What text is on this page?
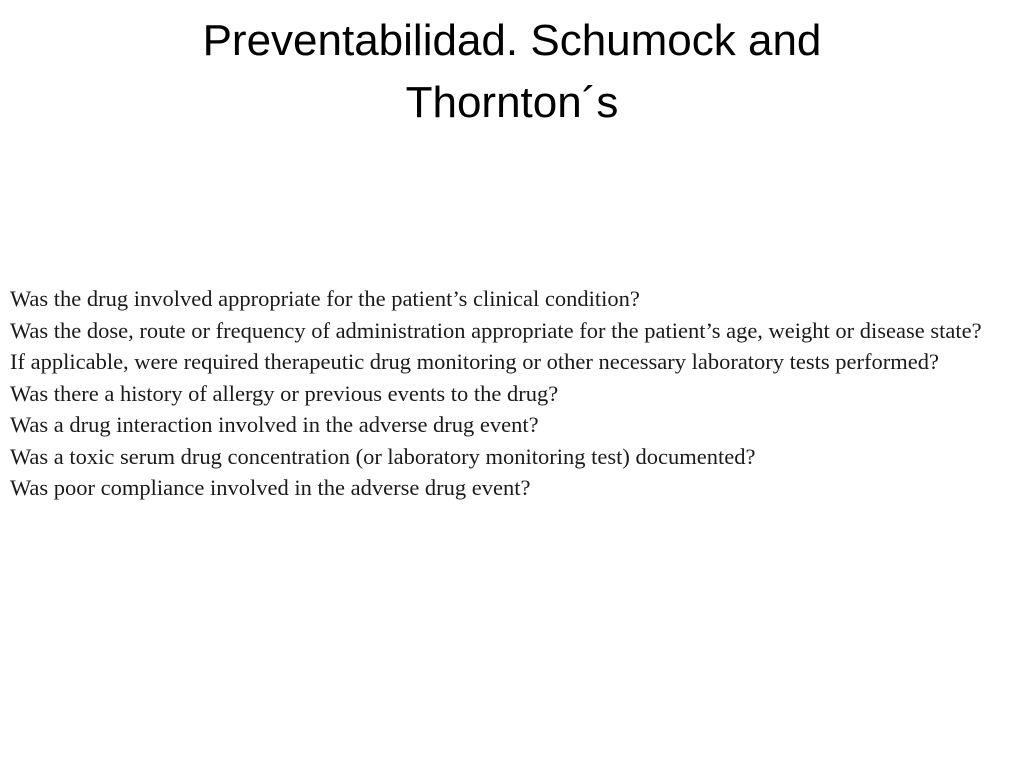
Preventabilidad. Schumock and
Thornton´s
Was the drug involved appropriate for the patient’s clinical condition?
Was the dose, route or frequency of administration appropriate for the patient’s age, weight or disease state?
If applicable, were required therapeutic drug monitoring or other necessary laboratory tests performed?
Was there a history of allergy or previous events to the drug?
Was a drug interaction involved in the adverse drug event?
Was a toxic serum drug concentration (or laboratory monitoring test) documented?
Was poor compliance involved in the adverse drug event?
